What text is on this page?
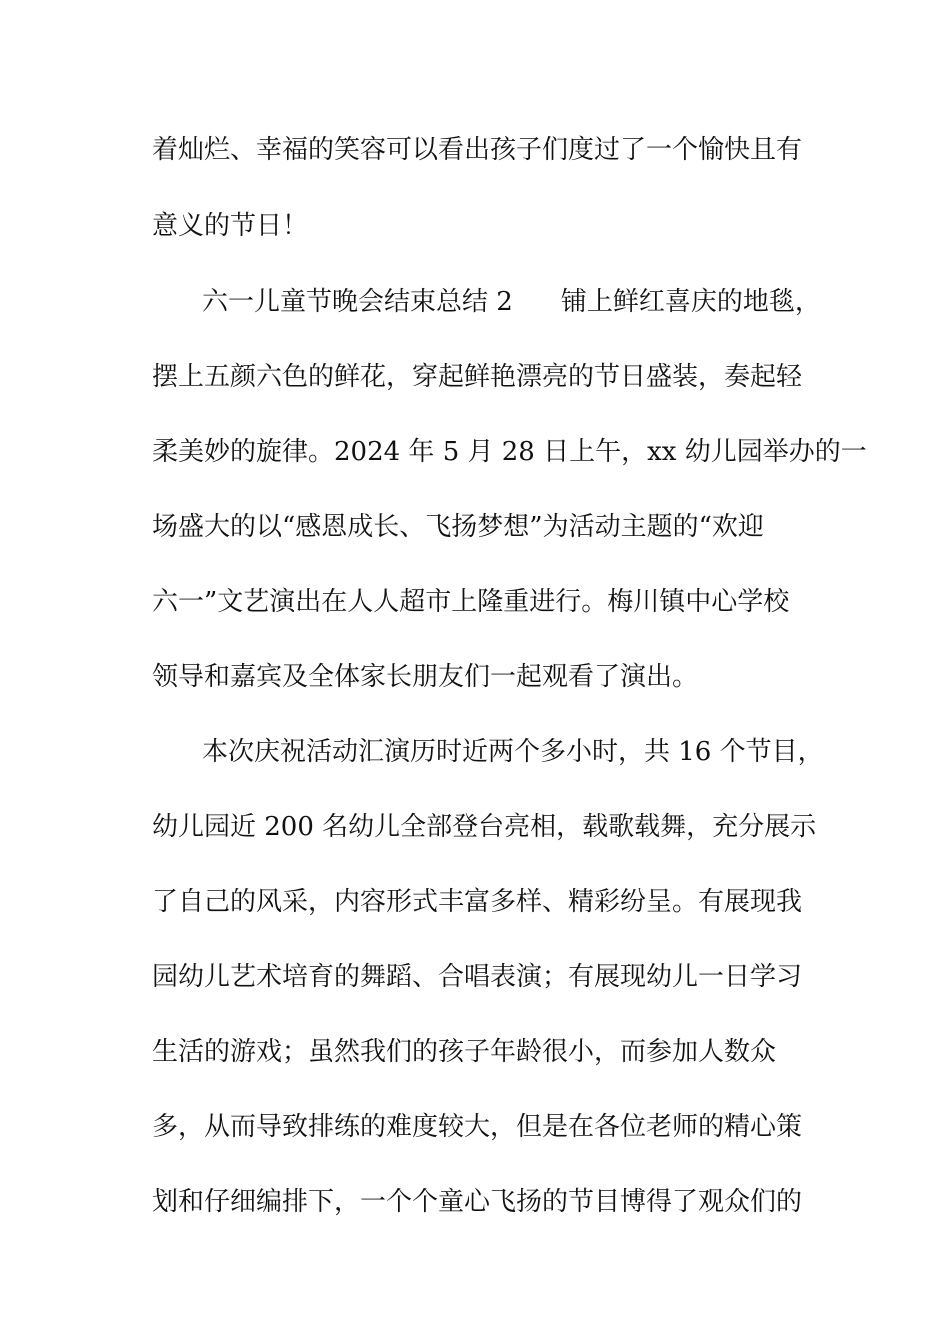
着灿烂、幸福的笑容可以看出孩子们度过了一个愉快且有
意义的节日！
六一儿童节晚会结束总结 2 铺上鲜红喜庆的地毯，
摆上五颜六色的鲜花，穿起鲜艳漂亮的节日盛装，奏起轻
柔美妙的旋律。2024 年 5 月 28 日上午，xx 幼儿园举办的一
场盛大的以“感恩成长、飞扬梦想”为活动主题的“欢迎
六一”文艺演出在人人超市上隆重进行。梅川镇中心学校
领导和嘉宾及全体家长朋友们一起观看了演出。
本次庆祝活动汇演历时近两个多小时，共 16 个节目，
幼儿园近 200 名幼儿全部登台亮相，载歌载舞，充分展示
了自己的风采，内容形式丰富多样、精彩纷呈。有展现我
园幼儿艺术培育的舞蹈、合唱表演；有展现幼儿一日学习
生活的游戏；虽然我们的孩子年龄很小，而参加人数众
多，从而导致排练的难度较大，但是在各位老师的精心策
划和仔细编排下，一个个童心飞扬的节目博得了观众们的
